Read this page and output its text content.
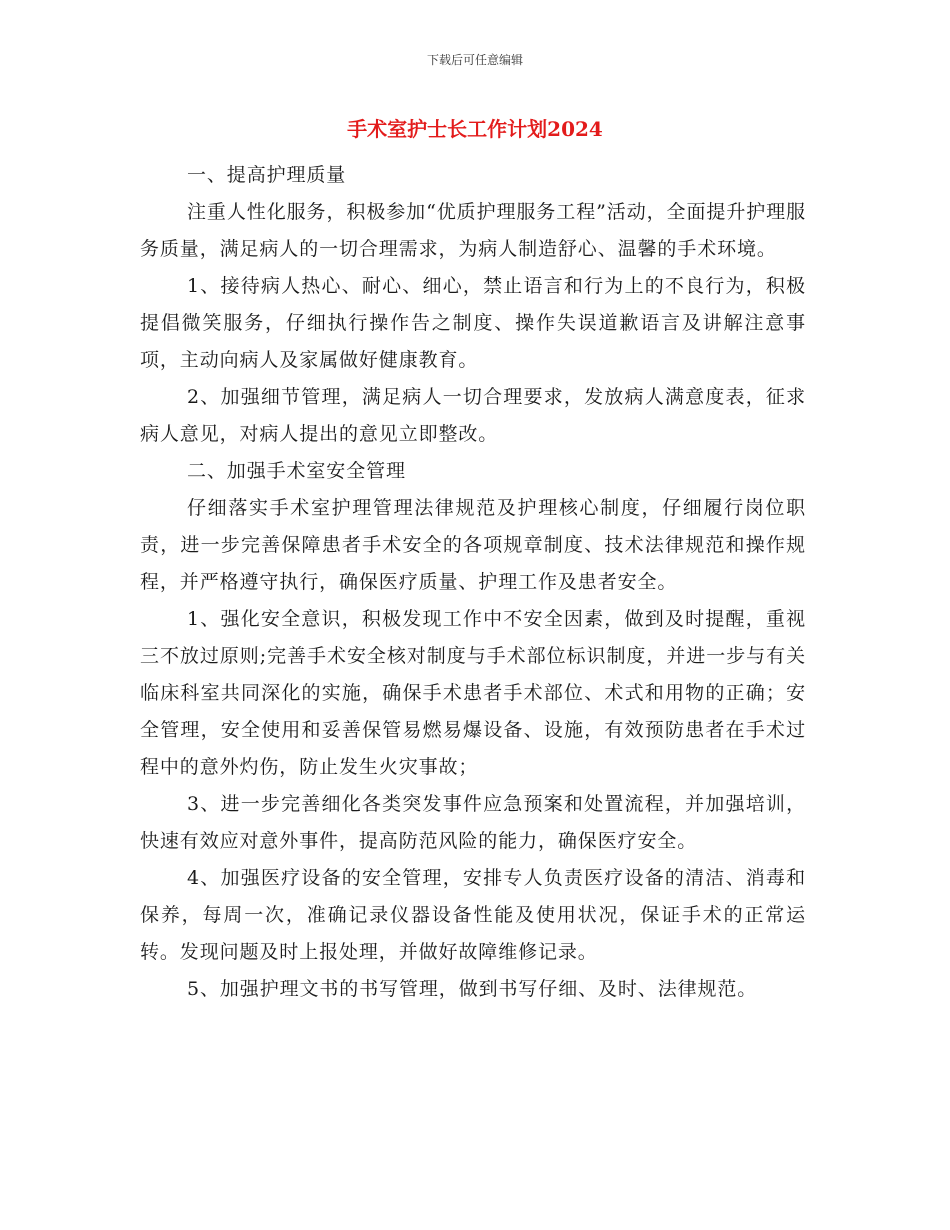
下载后可任意编辑
手术室护士长工作计划2024

一、提高护理质量

注重人性化服务，积极参加“优质护理服务工程”活动，全面提升护理服务质量，满足病人的一切合理需求，为病人制造舒心、温馨的手术环境。

1、接待病人热心、耐心、细心，禁止语言和行为上的不良行为，积极提倡微笑服务，仔细执行操作告之制度、操作失误道歉语言及讲解注意事项，主动向病人及家属做好健康教育。

2、加强细节管理，满足病人一切合理要求，发放病人满意度表，征求病人意见，对病人提出的意见立即整改。

二、加强手术室安全管理

仔细落实手术室护理管理法律规范及护理核心制度，仔细履行岗位职责，进一步完善保障患者手术安全的各项规章制度、技术法律规范和操作规程，并严格遵守执行，确保医疗质量、护理工作及患者安全。

1、强化安全意识，积极发现工作中不安全因素，做到及时提醒，重视三不放过原则;完善手术安全核对制度与手术部位标识制度，并进一步与有关临床科室共同深化的实施，确保手术患者手术部位、术式和用物的正确；安全管理，安全使用和妥善保管易燃易爆设备、设施，有效预防患者在手术过程中的意外灼伤，防止发生火灾事故；

3、进一步完善细化各类突发事件应急预案和处置流程，并加强培训，快速有效应对意外事件，提高防范风险的能力，确保医疗安全。

4、加强医疗设备的安全管理，安排专人负责医疗设备的清洁、消毒和保养，每周一次，准确记录仪器设备性能及使用状况，保证手术的正常运转。发现问题及时上报处理，并做好故障维修记录。

5、加强护理文书的书写管理，做到书写仔细、及时、法律规范。
